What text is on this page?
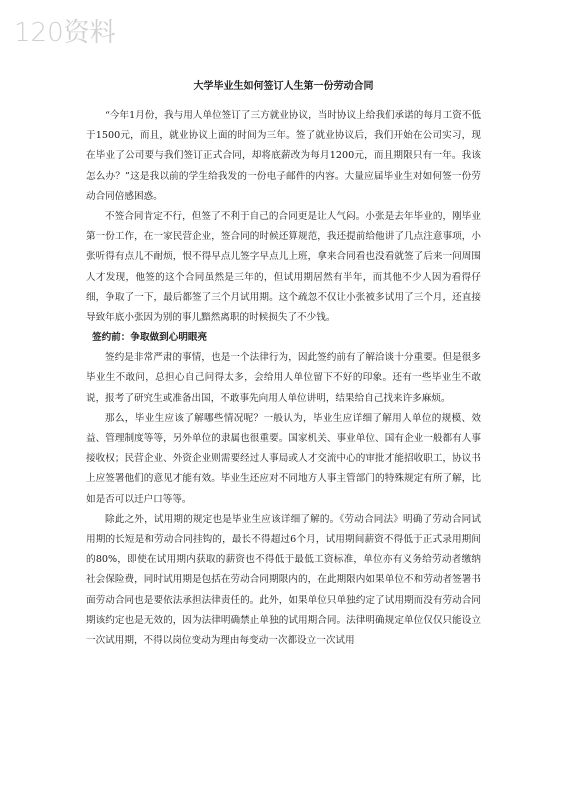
120资料
大学毕业生如何签订人生第一份劳动合同

“今年1月份，我与用人单位签订了三方就业协议，当时协议上给我们承诺的每月工资不低于1500元，而且，就业协议上面的时间为三年。签了就业协议后，我们开始在公司实习，现在毕业了公司要与我们签订正式合同，却将底薪改为每月1200元，而且期限只有一年。我该怎么办？”这是我以前的学生给我发的一份电子邮件的内容。大量应届毕业生对如何签一份劳动合同倍感困惑。

不签合同肯定不行，但签了不利于自己的合同更是让人气闷。小张是去年毕业的，刚毕业第一份工作，在一家民营企业，签合同的时候还算规范，我还提前给他讲了几点注意事项，小张听得有点儿不耐烦，恨不得早点儿签字早点儿上班，拿来合同看也没看就签了后来一问周围人才发现，他签的这个合同虽然是三年的，但试用期居然有半年，而其他不少人因为看得仔细，争取了一下，最后都签了三个月试用期。这个疏忽不仅让小张被多试用了三个月，还直接导致年底小张因为别的事儿黯然离职的时候损失了不少钱。

签约前：争取做到心明眼亮

签约是非常严肃的事情，也是一个法律行为，因此签约前有了解洽谈十分重要。但是很多毕业生不敢问，总担心自己问得太多，会给用人单位留下不好的印象。还有一些毕业生不敢说，报考了研究生或准备出国，不敢事先向用人单位讲明，结果给自己找来许多麻烦。

那么，毕业生应该了解哪些情况呢？一般认为，毕业生应详细了解用人单位的规模、效益、管理制度等等，另外单位的隶属也很重要。国家机关、事业单位、国有企业一般都有人事接收权；民营企业、外资企业则需要经过人事局或人才交流中心的审批才能招收职工，协议书上应签署他们的意见才能有效。毕业生还应对不同地方人事主管部门的特殊规定有所了解，比如是否可以迁户口等等。

除此之外，试用期的规定也是毕业生应该详细了解的。《劳动合同法》明确了劳动合同试用期的长短是和劳动合同挂钩的，最长不得超过6个月，试用期间薪资不得低于正式录用期间的80%，即使在试用期内获取的薪资也不得低于最低工资标准，单位亦有义务给劳动者缴纳社会保险费，同时试用期是包括在劳动合同期限内的，在此期限内如果单位不和劳动者签署书面劳动合同也是要依法承担法律责任的。此外，如果单位只单独约定了试用期而没有劳动合同期该约定也是无效的，因为法律明确禁止单独的试用期合同。法律明确规定单位仅仅只能设立一次试用期，不得以岗位变动为理由每变动一次都设立一次试用
